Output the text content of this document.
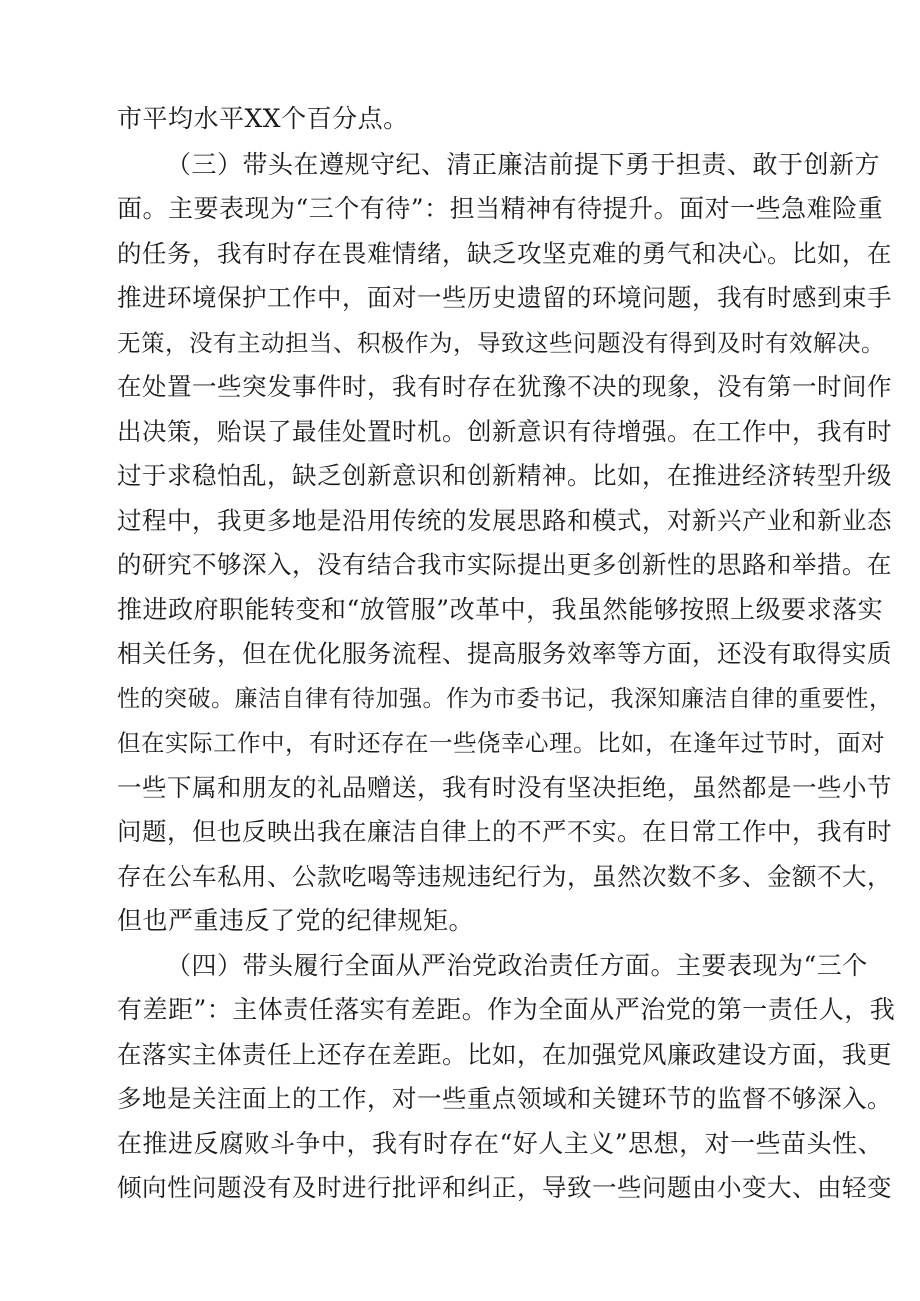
市平均水平XX个百分点。
（三）带头在遵规守纪、清正廉洁前提下勇于担责、敢于创新方
面。主要表现为“三个有待”：担当精神有待提升。面对一些急难险重
的任务，我有时存在畏难情绪，缺乏攻坚克难的勇气和决心。比如，在
推进环境保护工作中，面对一些历史遗留的环境问题，我有时感到束手
无策，没有主动担当、积极作为，导致这些问题没有得到及时有效解决。
在处置一些突发事件时，我有时存在犹豫不决的现象，没有第一时间作
出决策，贻误了最佳处置时机。创新意识有待增强。在工作中，我有时
过于求稳怕乱，缺乏创新意识和创新精神。比如，在推进经济转型升级
过程中，我更多地是沿用传统的发展思路和模式，对新兴产业和新业态
的研究不够深入，没有结合我市实际提出更多创新性的思路和举措。在
推进政府职能转变和“放管服”改革中，我虽然能够按照上级要求落实
相关任务，但在优化服务流程、提高服务效率等方面，还没有取得实质
性的突破。廉洁自律有待加强。作为市委书记，我深知廉洁自律的重要性，
但在实际工作中，有时还存在一些侥幸心理。比如，在逢年过节时，面对
一些下属和朋友的礼品赠送，我有时没有坚决拒绝，虽然都是一些小节
问题，但也反映出我在廉洁自律上的不严不实。在日常工作中，我有时
存在公车私用、公款吃喝等违规违纪行为，虽然次数不多、金额不大，
但也严重违反了党的纪律规矩。
（四）带头履行全面从严治党政治责任方面。主要表现为“三个
有差距”：主体责任落实有差距。作为全面从严治党的第一责任人，我
在落实主体责任上还存在差距。比如，在加强党风廉政建设方面，我更
多地是关注面上的工作，对一些重点领域和关键环节的监督不够深入。
在推进反腐败斗争中，我有时存在“好人主义”思想，对一些苗头性、
倾向性问题没有及时进行批评和纠正，导致一些问题由小变大、由轻变
